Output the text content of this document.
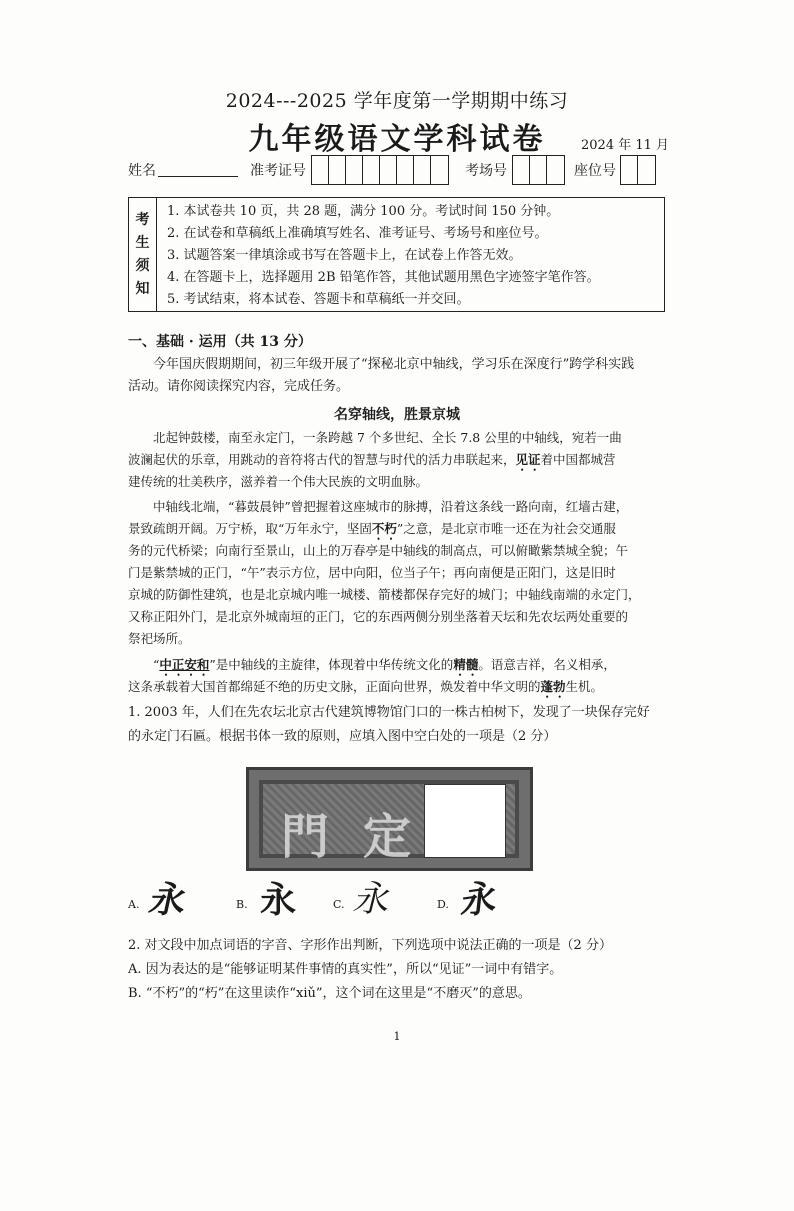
2024---2025 学年度第一学期期中练习
九年级语文学科试卷	2024 年 11 月
姓名	准考证号	考场号	座位号
考
生
须
知
1. 本试卷共 10 页，共 28 题，满分 100 分。考试时间 150 分钟。
2. 在试卷和草稿纸上准确填写姓名、准考证号、考场号和座位号。
3. 试题答案一律填涂或书写在答题卡上，在试卷上作答无效。
4. 在答题卡上，选择题用 2B 铅笔作答，其他试题用黑色字迹签字笔作答。
5. 考试结束，将本试卷、答题卡和草稿纸一并交回。
一、基础 · 运用（共 13 分）
今年国庆假期期间，初三年级开展了“探秘北京中轴线，学习乐在深度行”跨学科实践
活动。请你阅读探究内容，完成任务。
名穿轴线，胜景京城
北起钟鼓楼，南至永定门，一条跨越 7 个多世纪、全长 7.8 公里的中轴线，宛若一曲
波澜起伏的乐章，用跳动的音符将古代的智慧与时代的活力串联起来，见证着中国都城营
建传统的壮美秩序，滋养着一个伟大民族的文明血脉。
中轴线北端，“暮鼓晨钟”曾把握着这座城市的脉搏，沿着这条线一路向南，红墙古建，
景致疏朗开阔。万宁桥，取“万年永宁，坚固不朽”之意，是北京市唯一还在为社会交通服
务的元代桥梁；向南行至景山，山上的万春亭是中轴线的制高点，可以俯瞰紫禁城全貌；午
门是紫禁城的正门，“午”表示方位，居中向阳，位当子午；再向南便是正阳门，这是旧时
京城的防御性建筑，也是北京城内唯一城楼、箭楼都保存完好的城门；中轴线南端的永定门，
又称正阳外门，是北京外城南垣的正门，它的东西两侧分别坐落着天坛和先农坛两处重要的
祭祀场所。
“中正安和”是中轴线的主旋律，体现着中华传统文化的精髓。语意吉祥，名义相承，
这条承载着大国首都绵延不绝的历史文脉，正面向世界，焕发着中华文明的蓬勃生机。
1. 2003 年，人们在先农坛北京古代建筑博物馆门口的一株古柏树下，发现了一块保存完好
的永定门石匾。根据书体一致的原则，应填入图中空白处的一项是（2 分）
門 定
A. 永	B. 永	C. 永	D. 永
2. 对文段中加点词语的字音、字形作出判断，下列选项中说法正确的一项是（2 分）
A. 因为表达的是“能够证明某件事情的真实性”，所以“见证”一词中有错字。
B. “不朽”的“朽”在这里读作“xiǔ”，这个词在这里是“不磨灭”的意思。
1
